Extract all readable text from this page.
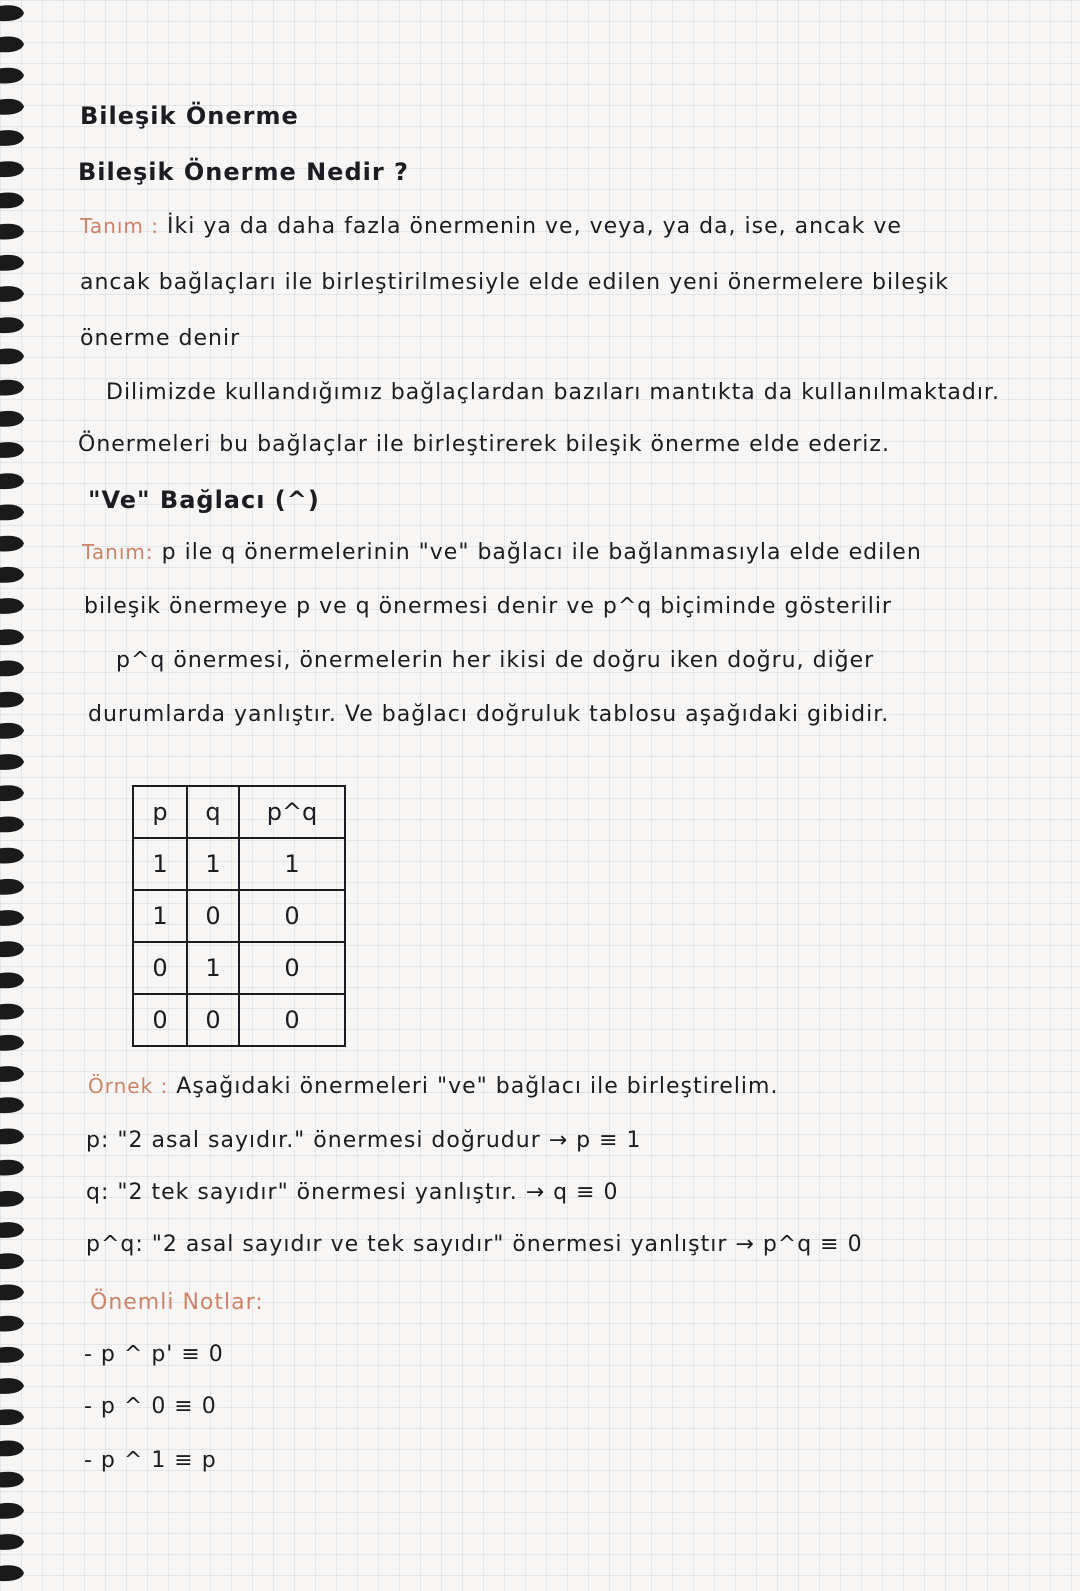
Bileşik Önerme
Bileşik Önerme Nedir ?
Tanım : İki ya da daha fazla önermenin ve, veya, ya da, ise, ancak ve
ancak bağlaçları ile birleştirilmesiyle elde edilen yeni önermelere bileşik
önerme denir
Dilimizde kullandığımız bağlaçlardan bazıları mantıkta da kullanılmaktadır.
Önermeleri bu bağlaçlar ile birleştirerek bileşik önerme elde ederiz.
"Ve" Bağlacı (^)
Tanım: p ile q önermelerinin "ve" bağlacı ile bağlanmasıyla elde edilen
bileşik önermeye p ve q önermesi denir ve p^q biçiminde gösterilir
p^q önermesi, önermelerin her ikisi de doğru iken doğru, diğer
durumlarda yanlıştır. Ve bağlacı doğruluk tablosu aşağıdaki gibidir.
p	q	p^q
1	1	1
1	0	0
0	1	0
0	0	0
Örnek : Aşağıdaki önermeleri "ve" bağlacı ile birleştirelim.
p: "2 asal sayıdır." önermesi doğrudur → p ≡ 1
q: "2 tek sayıdır" önermesi yanlıştır. → q ≡ 0
p^q: "2 asal sayıdır ve tek sayıdır" önermesi yanlıştır → p^q ≡ 0
Önemli Notlar:
- p ^ p' ≡ 0
- p ^ 0 ≡ 0
- p ^ 1 ≡ p
